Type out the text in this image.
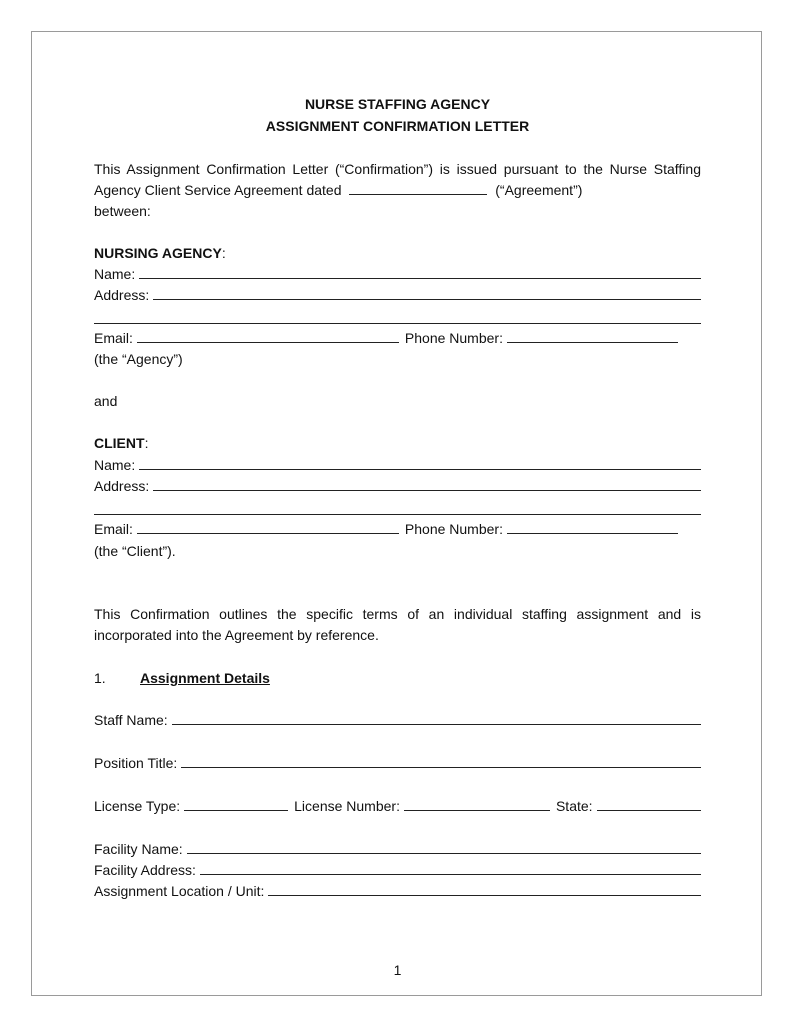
NURSE STAFFING AGENCY
ASSIGNMENT CONFIRMATION LETTER
This Assignment Confirmation Letter (“Confirmation”) is issued pursuant to the Nurse Staffing Agency Client Service Agreement dated	(“Agreement”)
between:
NURSING AGENCY:
Name:
Address:
Email:	Phone Number:
(the “Agency”)
and
CLIENT:
Name:
Address:
Email:	Phone Number:
(the “Client”).
This Confirmation outlines the specific terms of an individual staffing assignment and is incorporated into the Agreement by reference.
1. Assignment Details
Staff Name:
Position Title:
License Type:	License Number:	State:
Facility Name:
Facility Address:
Assignment Location / Unit:
1
